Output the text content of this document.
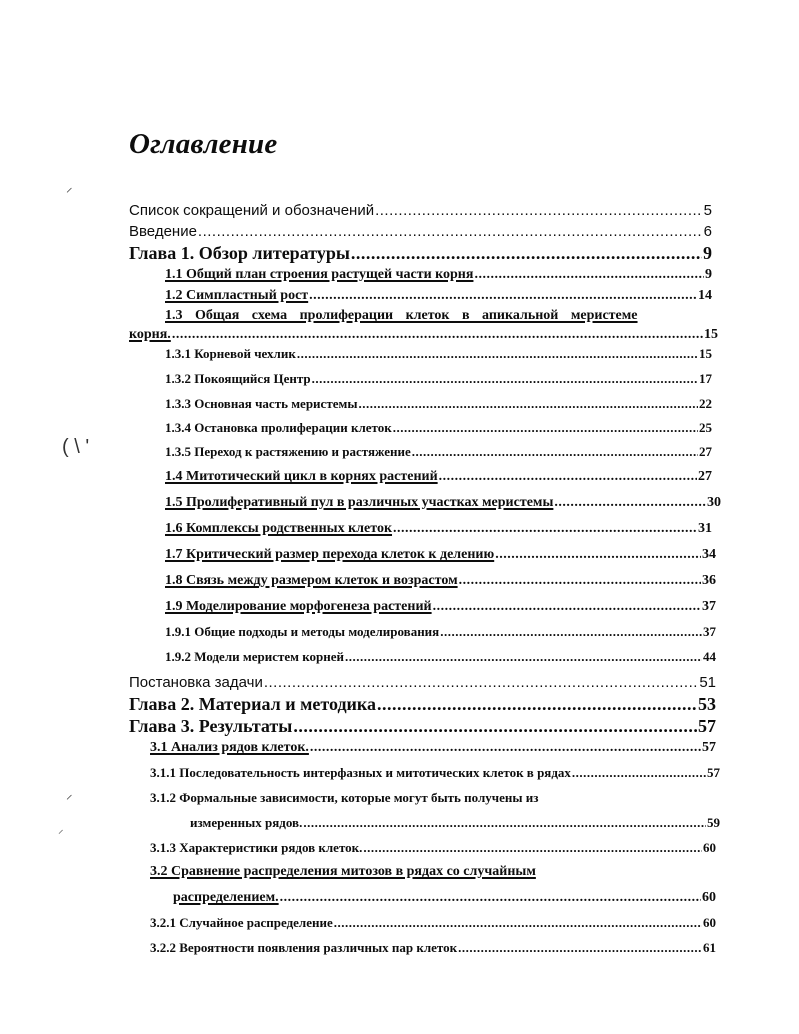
Оглавление
⸍
( \ '
⸍
⸝
Список сокращений и обозначений .....	5
Введение .....	6
Глава 1. Обзор литературы .....	9
1.1 Общий план строения растущей части корня .....	9
1.2 Симпластный рост .....	14
1.3 Общая схема пролиферации клеток в апикальной меристеме
корня. .....	15
1.3.1 Корневой чехлик .....	15
1.3.2 Покоящийся Центр .....	17
1.3.3 Основная часть меристемы .....	22
1.3.4 Остановка пролиферации клеток .....	25
1.3.5 Переход к растяжению и растяжение .....	27
1.4 Митотический цикл в корнях растений .....	27
1.5 Пролиферативный пул в различных участках меристемы .....	30
1.6 Комплексы родственных клеток .....	31
1.7 Критический размер перехода клеток к делению .....	34
1.8 Связь между размером клеток и возрастом .....	36
1.9 Моделирование морфогенеза растений .....	37
1.9.1 Общие подходы и методы моделирования .....	37
1.9.2 Модели меристем корней .....	44
Постановка задачи .....	51
Глава 2. Материал и методика .....	53
Глава 3. Результаты .....	57
3.1 Анализ рядов клеток. .....	57
3.1.1 Последовательность интерфазных и митотических клеток в рядах .....	57
3.1.2 Формальные зависимости, которые могут быть получены из
измеренных рядов. .....	59
3.1.3 Характеристики рядов клеток. .....	60
3.2 Сравнение распределения митозов в рядах со случайным
распределением. .....	60
3.2.1 Случайное распределение .....	60
3.2.2 Вероятности появления различных пар клеток .....	61
